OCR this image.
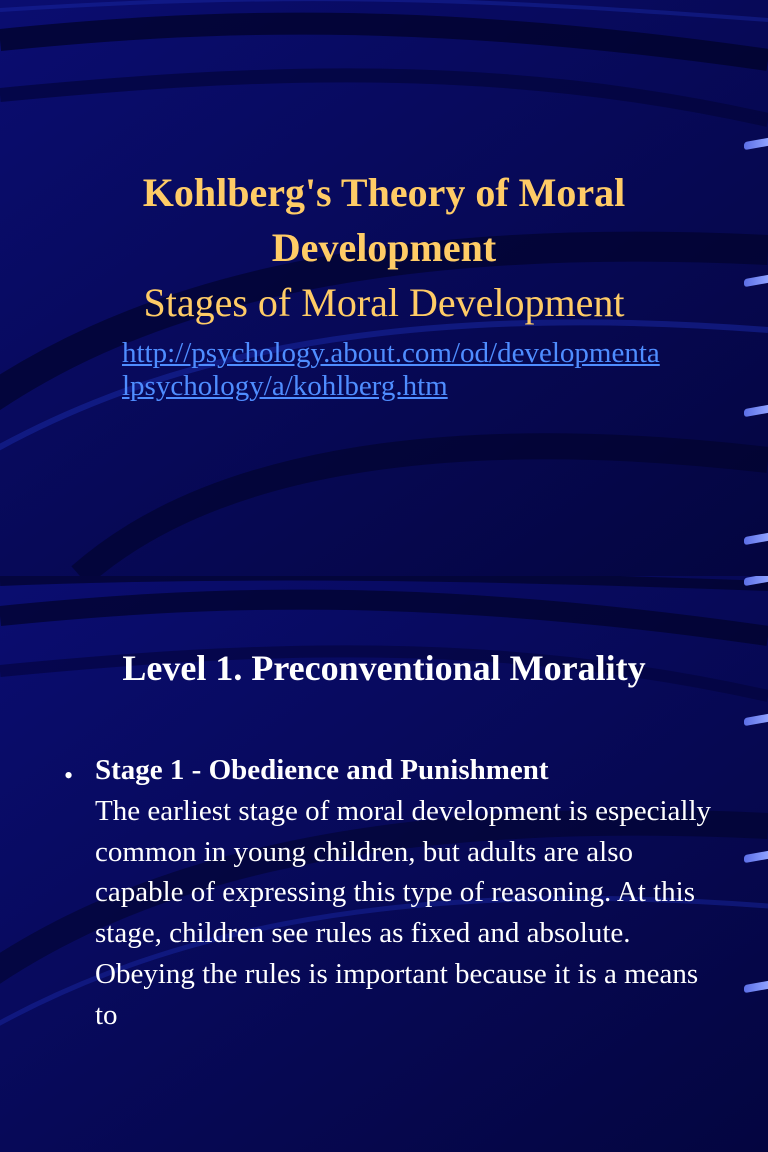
Kohlberg's Theory of Moral Development

Stages of Moral Development

http://psychology.about.com/od/developmentalpsychology/a/kohlberg.htm

Level 1. Preconventional Morality

• Stage 1 - Obedience and Punishment
The earliest stage of moral development is especially common in young children, but adults are also capable of expressing this type of reasoning. At this stage, children see rules as fixed and absolute. Obeying the rules is important because it is a means to
